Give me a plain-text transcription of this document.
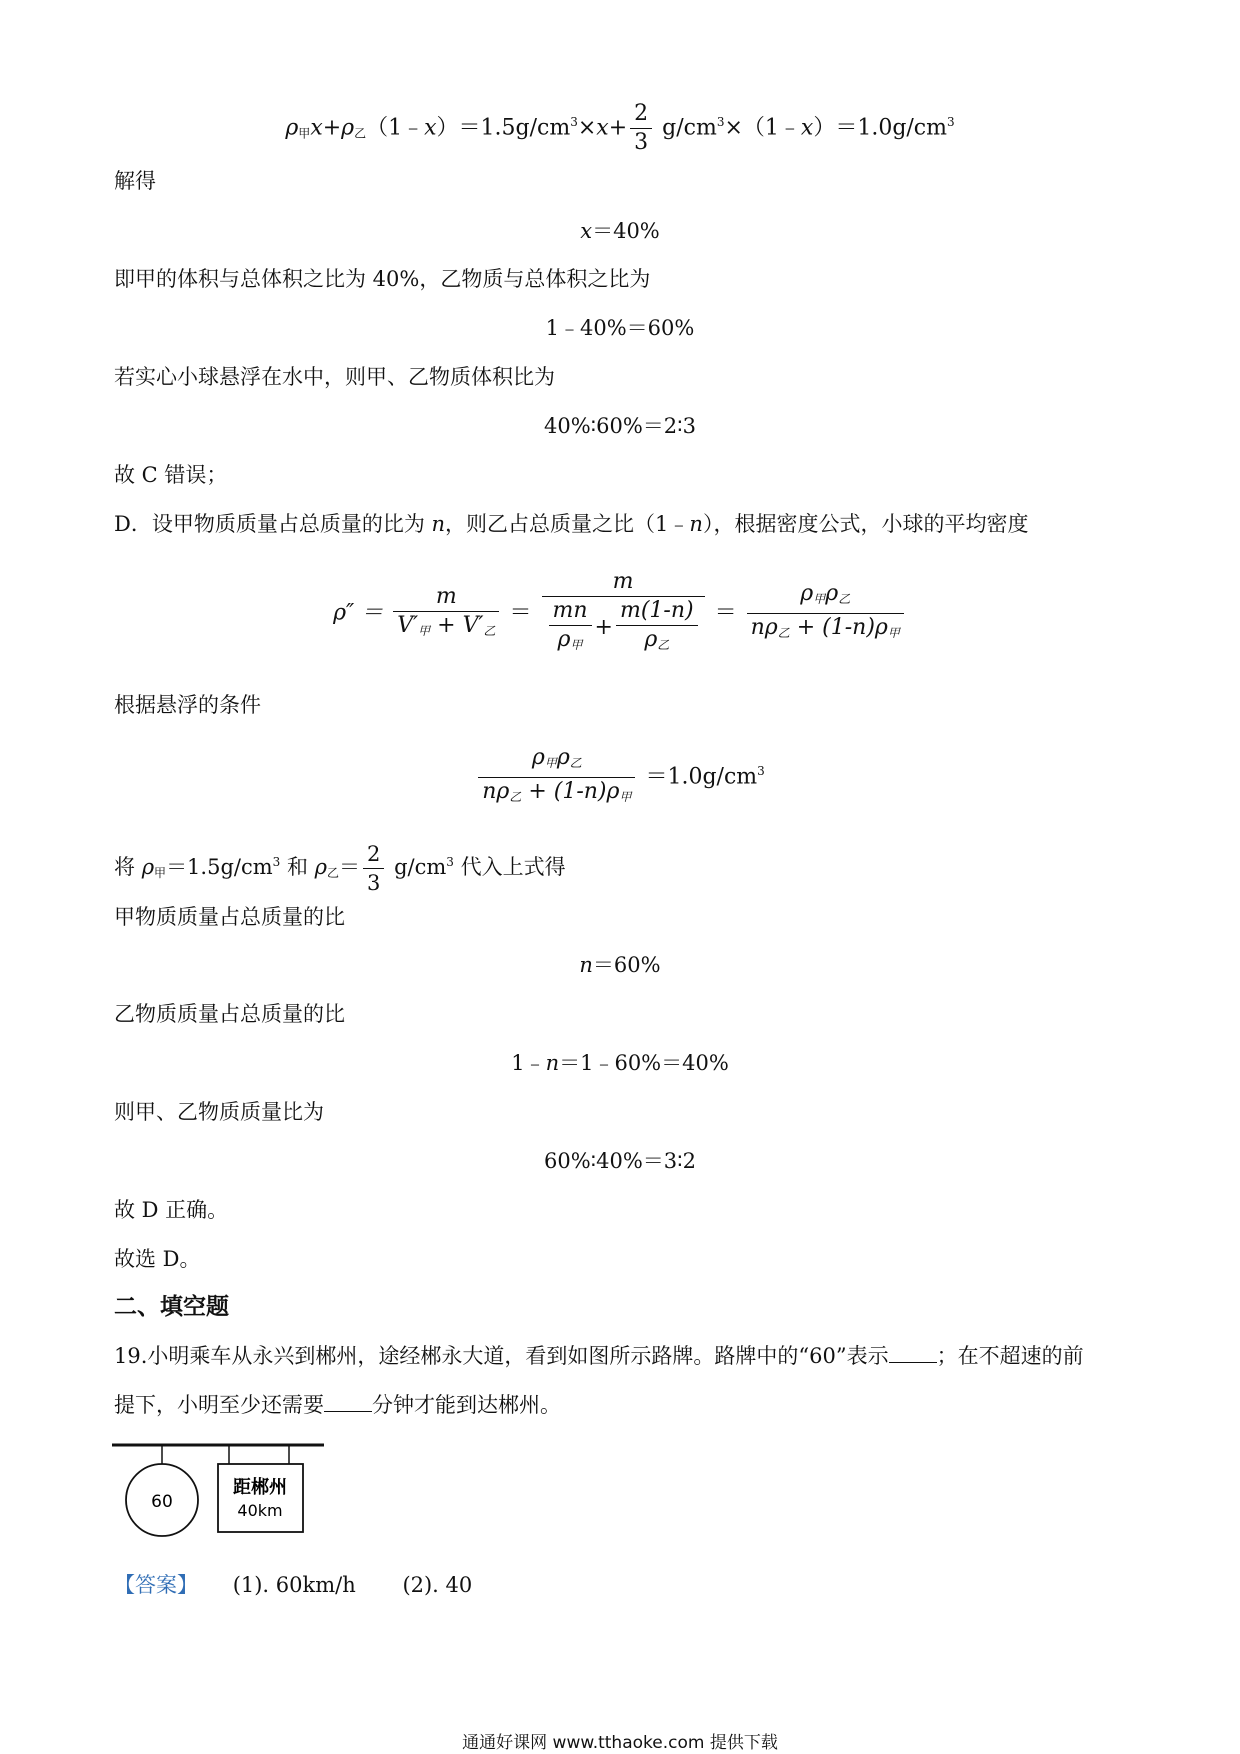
$\rho_甲x+\rho_乙(1﹣x)=1.5g/cm^3\times x+ \frac{2}{3}$ $g/cm^3\times(1﹣x)=1.0g/cm^3$
解得
x＝40%
即甲的体积与总体积之比为 40%，乙物质与总体积之比为
1﹣40%＝60%
若实心小球悬浮在水中，则甲、乙物质体积比为
40%∶60%＝2∶3
故 C 错误；
D．设甲物质质量占总质量的比为 n，则乙占总质量之比（1﹣n），根据密度公式，小球的平均密度
$\rho'' = \frac{m}{V'_甲 + V'_乙} = \frac{m}{\frac{mn}{\rho_甲} + \frac{m(1-n)}{\rho_乙}} = \frac{\rho_甲\rho_乙}{n\rho_乙 + (1-n)\rho_甲}$
根据悬浮的条件
$\frac{\rho_甲\rho_乙}{n\rho_乙 + (1-n)\rho_甲} =1.0g/cm^3$
将 $\rho_甲=1.5g/cm^3$ 和 $\rho_乙= \frac{2}{3} g/cm^3$ 代入上式得
甲物质质量占总质量的比
n＝60%
乙物质质量占总质量的比
1﹣n＝1﹣60%＝40%
则甲、乙物质质量比为
60%∶40%＝3∶2
故 D 正确。
故选 D。
二、填空题
19.小明乘车从永兴到郴州，途经郴永大道，看到如图所示路牌。路牌中的“60”表示 ；在不超速的前
提下，小明至少还需要 分钟才能到达郴州。
60
距郴州
40km
【答案】 (1). 60km/h (2). 40
通通好课网 www.tthaoke.com 提供下载
